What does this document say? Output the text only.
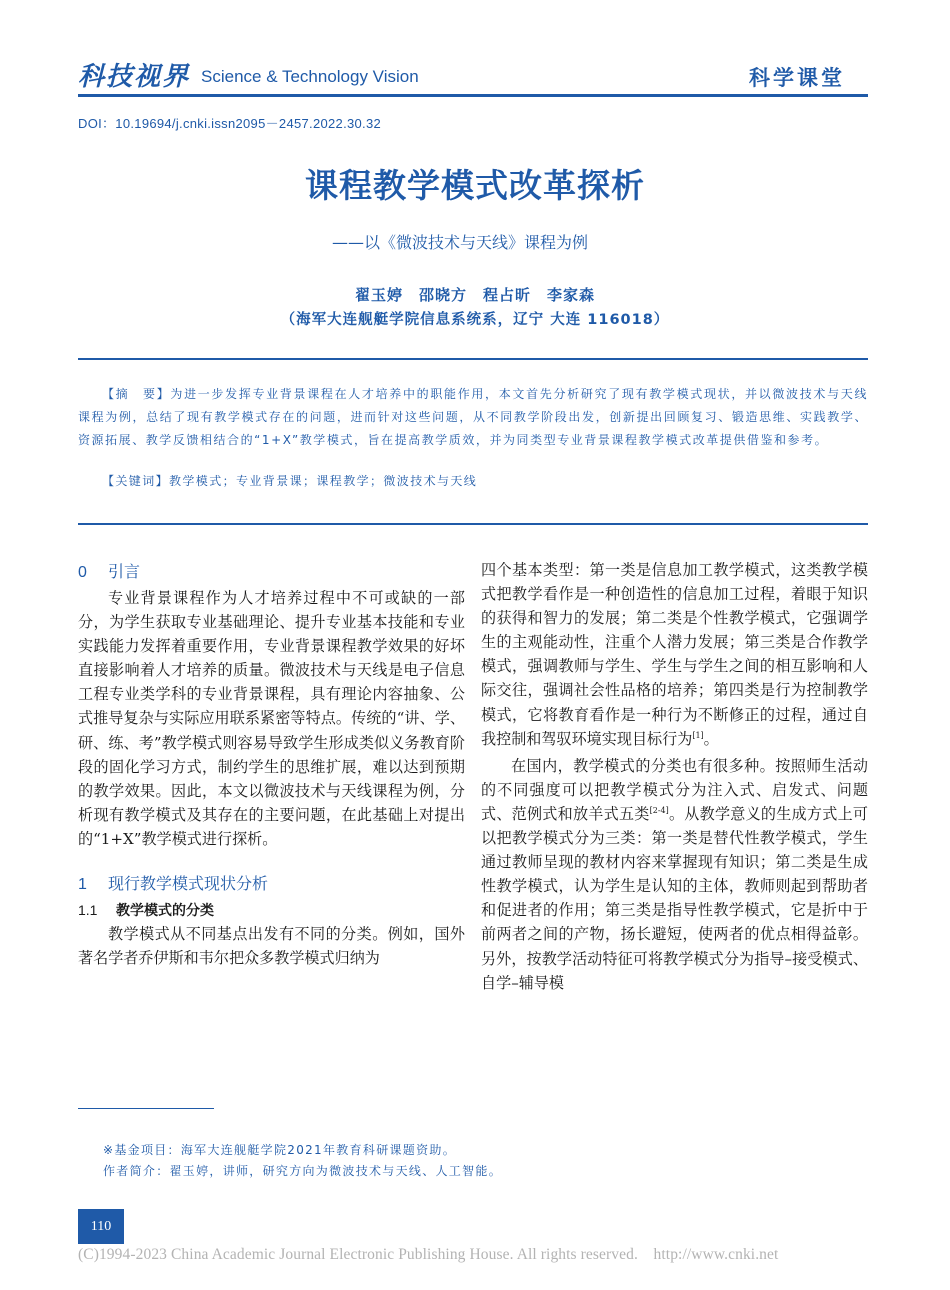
科技视界 Science & Technology Vision	科学课堂
DOI：10.19694/j.cnki.issn2095－2457.2022.30.32
课程教学模式改革探析
——以《微波技术与天线》课程为例
翟玉婷　邵晓方　程占昕　李家森
（海军大连舰艇学院信息系统系，辽宁 大连 116018）
【摘　要】为进一步发挥专业背景课程在人才培养中的职能作用，本文首先分析研究了现有教学模式现状，并以微波技术与天线课程为例，总结了现有教学模式存在的问题，进而针对这些问题，从不同教学阶段出发，创新提出回顾复习、锻造思维、实践教学、资源拓展、教学反馈相结合的“1+X”教学模式，旨在提高教学质效，并为同类型专业背景课程教学模式改革提供借鉴和参考。
【关键词】教学模式；专业背景课；课程教学；微波技术与天线
0 引言

专业背景课程作为人才培养过程中不可或缺的一部分，为学生获取专业基础理论、提升专业基本技能和专业实践能力发挥着重要作用，专业背景课程教学效果的好坏直接影响着人才培养的质量。微波技术与天线是电子信息工程专业类学科的专业背景课程，具有理论内容抽象、公式推导复杂与实际应用联系紧密等特点。传统的“讲、学、研、练、考”教学模式则容易导致学生形成类似义务教育阶段的固化学习方式，制约学生的思维扩展，难以达到预期的教学效果。因此，本文以微波技术与天线课程为例，分析现有教学模式及其存在的主要问题，在此基础上对提出的“1+X”教学模式进行探析。

1 现行教学模式现状分析
1.1 教学模式的分类

教学模式从不同基点出发有不同的分类。例如，国外著名学者乔伊斯和韦尔把众多教学模式归纳为

四个基本类型：第一类是信息加工教学模式，这类教学模式把教学看作是一种创造性的信息加工过程，着眼于知识的获得和智力的发展；第二类是个性教学模式，它强调学生的主观能动性，注重个人潜力发展；第三类是合作教学模式，强调教师与学生、学生与学生之间的相互影响和人际交往，强调社会性品格的培养；第四类是行为控制教学模式，它将教育看作是一种行为不断修正的过程，通过自我控制和驾驭环境实现目标行为[1]。

在国内，教学模式的分类也有很多种。按照师生活动的不同强度可以把教学模式分为注入式、启发式、问题式、范例式和放羊式五类[2-4]。从教学意义的生成方式上可以把教学模式分为三类：第一类是替代性教学模式，学生通过教师呈现的教材内容来掌握现有知识；第二类是生成性教学模式，认为学生是认知的主体，教师则起到帮助者和促进者的作用；第三类是指导性教学模式，它是折中于前两者之间的产物，扬长避短，使两者的优点相得益彰。另外，按教学活动特征可将教学模式分为指导–接受模式、自学–辅导模

※基金项目：海军大连舰艇学院2021年教育科研课题资助。
作者简介：翟玉婷，讲师，研究方向为微波技术与天线、人工智能。
110
(C)1994-2023 China Academic Journal Electronic Publishing House. All rights reserved.　http://www.cnki.net
